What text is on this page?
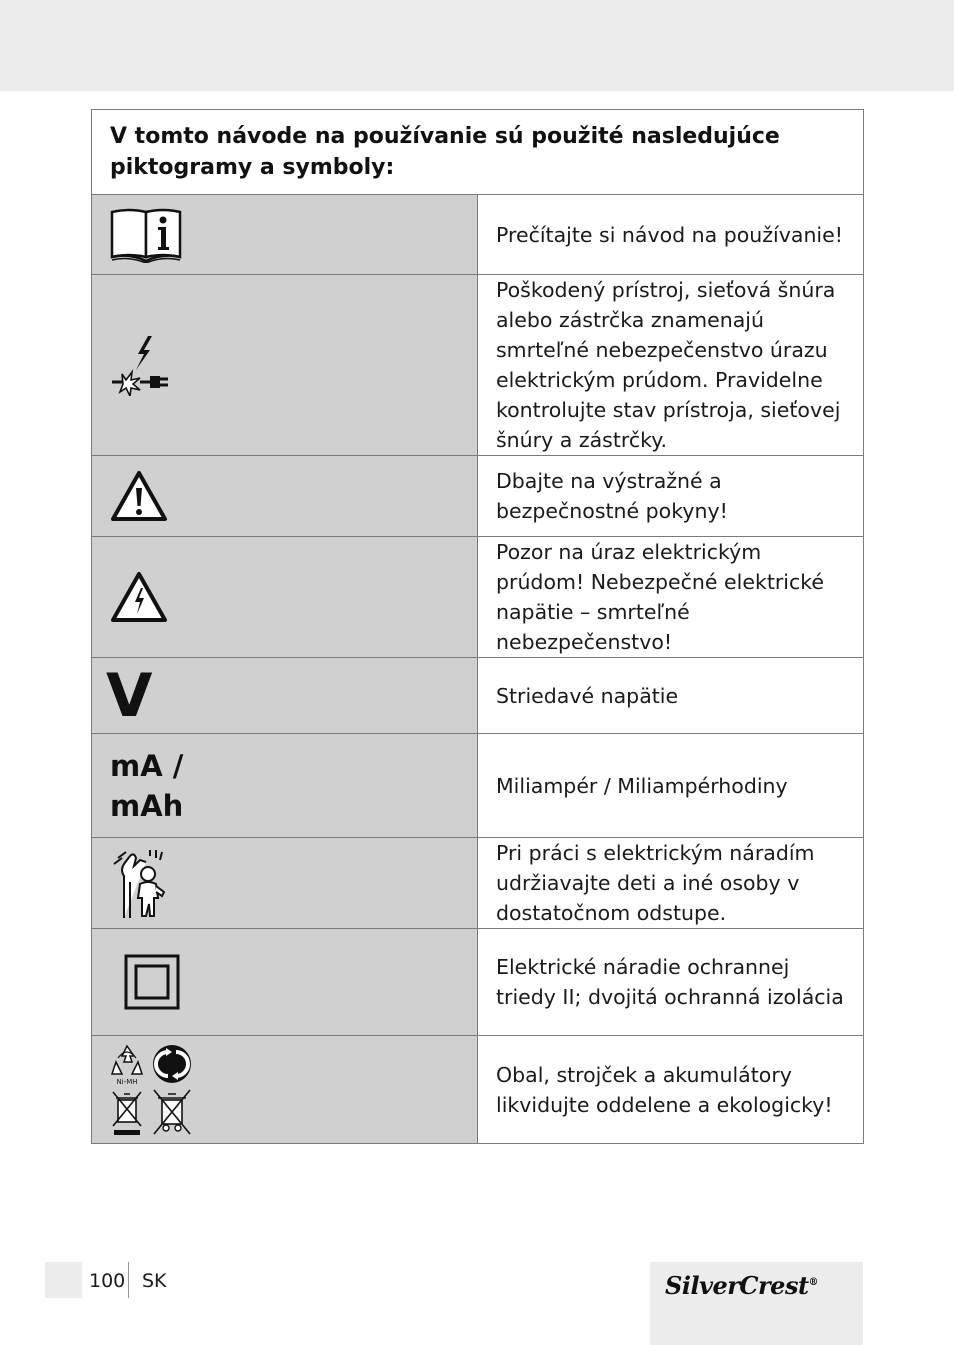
V tomto návode na používanie sú použité nasledujúce piktogramy a symboly:	

	Prečítajte si návod na používanie!

	Poškodený prístroj, sieťová šnúra alebo zástrčka znamenajú smrteľné nebezpečenstvo úrazu elektrickým prúdom. Pravidelne kontrolujte stav prístroja, sieťovej šnúry a zástrčky.

	Dbajte na výstražné a bezpečnostné pokyny!

	Pozor na úraz elektrickým prúdom! Nebezpečné elektrické napätie – smrteľné nebezpečenstvo!

V	Striedavé napätie

mA /
mAh	Miliampér / Miliampérhodiny

	Pri práci s elektrickým náradím udržiavajte deti a iné osoby v dostatočnom odstupe.

	Elektrické náradie ochrannej triedy II; dvojitá ochranná izolácia

Ni-MH	Obal, strojček a akumulátory likvidujte oddelene a ekologicky!
100 SK	SilverCrest®
